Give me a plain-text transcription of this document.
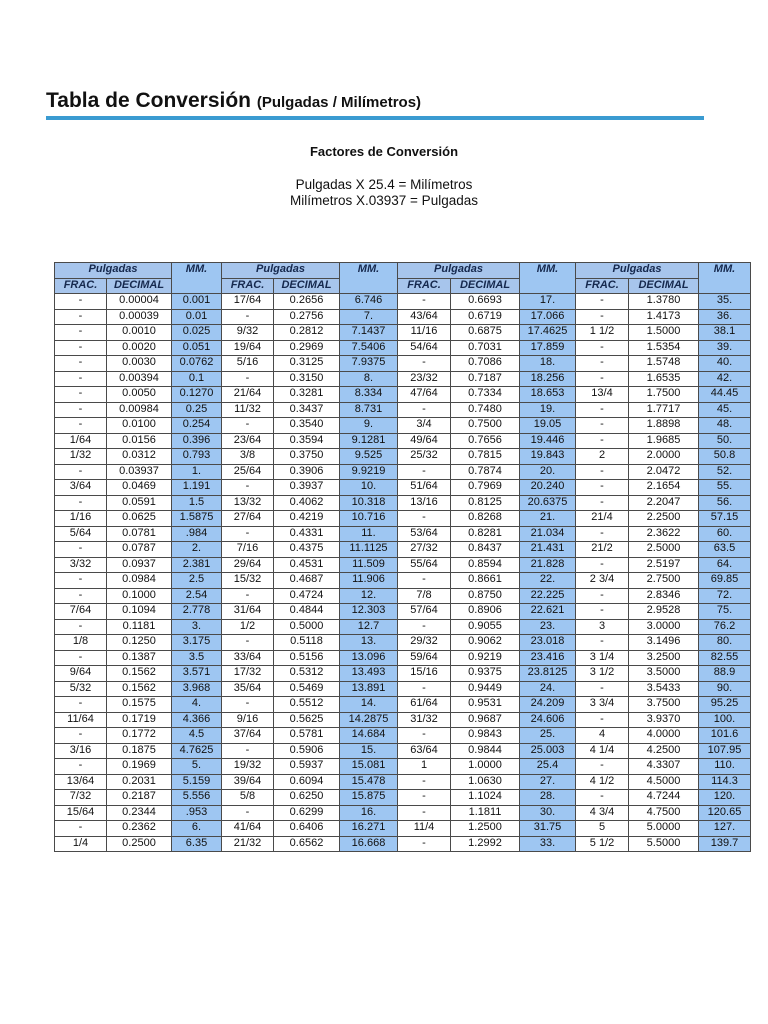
Tabla de Conversión (Pulgadas / Milímetros)
Factores de Conversión
Pulgadas X 25.4 = Milímetros
Milímetros X.03937 = Pulgadas
Pulgadas		MM.	Pulgadas		MM.	Pulgadas		MM.	Pulgadas		MM.
FRAC.	DECIMAL		FRAC.	DECIMAL		FRAC.	DECIMAL		FRAC.	DECIMAL	
-	0.00004	0.001	17/64	0.2656	6.746	-	0.6693	17.	-	1.3780	35.
-	0.00039	0.01	-	0.2756	7.	43/64	0.6719	17.066	-	1.4173	36.
-	0.0010	0.025	9/32	0.2812	7.1437	11/16	0.6875	17.4625	1 1/2	1.5000	38.1
-	0.0020	0.051	19/64	0.2969	7.5406	54/64	0.7031	17.859	-	1.5354	39.
-	0.0030	0.0762	5/16	0.3125	7.9375	-	0.7086	18.	-	1.5748	40.
-	0.00394	0.1	-	0.3150	8.	23/32	0.7187	18.256	-	1.6535	42.
-	0.0050	0.1270	21/64	0.3281	8.334	47/64	0.7334	18.653	13/4	1.7500	44.45
-	0.00984	0.25	11/32	0.3437	8.731	-	0.7480	19.	-	1.7717	45.
-	0.0100	0.254	-	0.3540	9.	3/4	0.7500	19.05	-	1.8898	48.
1/64	0.0156	0.396	23/64	0.3594	9.1281	49/64	0.7656	19.446	-	1.9685	50.
1/32	0.0312	0.793	3/8	0.3750	9.525	25/32	0.7815	19.843	2	2.0000	50.8
-	0.03937	1.	25/64	0.3906	9.9219	-	0.7874	20.	-	2.0472	52.
3/64	0.0469	1.191	-	0.3937	10.	51/64	0.7969	20.240	-	2.1654	55.
-	0.0591	1.5	13/32	0.4062	10.318	13/16	0.8125	20.6375	-	2.2047	56.
1/16	0.0625	1.5875	27/64	0.4219	10.716	-	0.8268	21.	21/4	2.2500	57.15
5/64	0.0781	.984	-	0.4331	11.	53/64	0.8281	21.034	-	2.3622	60.
-	0.0787	2.	7/16	0.4375	11.1125	27/32	0.8437	21.431	21/2	2.5000	63.5
3/32	0.0937	2.381	29/64	0.4531	11.509	55/64	0.8594	21.828	-	2.5197	64.
-	0.0984	2.5	15/32	0.4687	11.906	-	0.8661	22.	2 3/4	2.7500	69.85
-	0.1000	2.54	-	0.4724	12.	7/8	0.8750	22.225	-	2.8346	72.
7/64	0.1094	2.778	31/64	0.4844	12.303	57/64	0.8906	22.621	-	2.9528	75.
-	0.1181	3.	1/2	0.5000	12.7	-	0.9055	23.	3	3.0000	76.2
1/8	0.1250	3.175	-	0.5118	13.	29/32	0.9062	23.018	-	3.1496	80.
-	0.1387	3.5	33/64	0.5156	13.096	59/64	0.9219	23.416	3 1/4	3.2500	82.55
9/64	0.1562	3.571	17/32	0.5312	13.493	15/16	0.9375	23.8125	3 1/2	3.5000	88.9
5/32	0.1562	3.968	35/64	0.5469	13.891	-	0.9449	24.	-	3.5433	90.
-	0.1575	4.	-	0.5512	14.	61/64	0.9531	24.209	3 3/4	3.7500	95.25
11/64	0.1719	4.366	9/16	0.5625	14.2875	31/32	0.9687	24.606	-	3.9370	100.
-	0.1772	4.5	37/64	0.5781	14.684	-	0.9843	25.	4	4.0000	101.6
3/16	0.1875	4.7625	-	0.5906	15.	63/64	0.9844	25.003	4 1/4	4.2500	107.95
-	0.1969	5.	19/32	0.5937	15.081	1	1.0000	25.4	-	4.3307	110.
13/64	0.2031	5.159	39/64	0.6094	15.478	-	1.0630	27.	4 1/2	4.5000	114.3
7/32	0.2187	5.556	5/8	0.6250	15.875	-	1.1024	28.	-	4.7244	120.
15/64	0.2344	.953	-	0.6299	16.	-	1.1811	30.	4 3/4	4.7500	120.65
-	0.2362	6.	41/64	0.6406	16.271	11/4	1.2500	31.75	5	5.0000	127.
1/4	0.2500	6.35	21/32	0.6562	16.668	-	1.2992	33.	5 1/2	5.5000	139.7
